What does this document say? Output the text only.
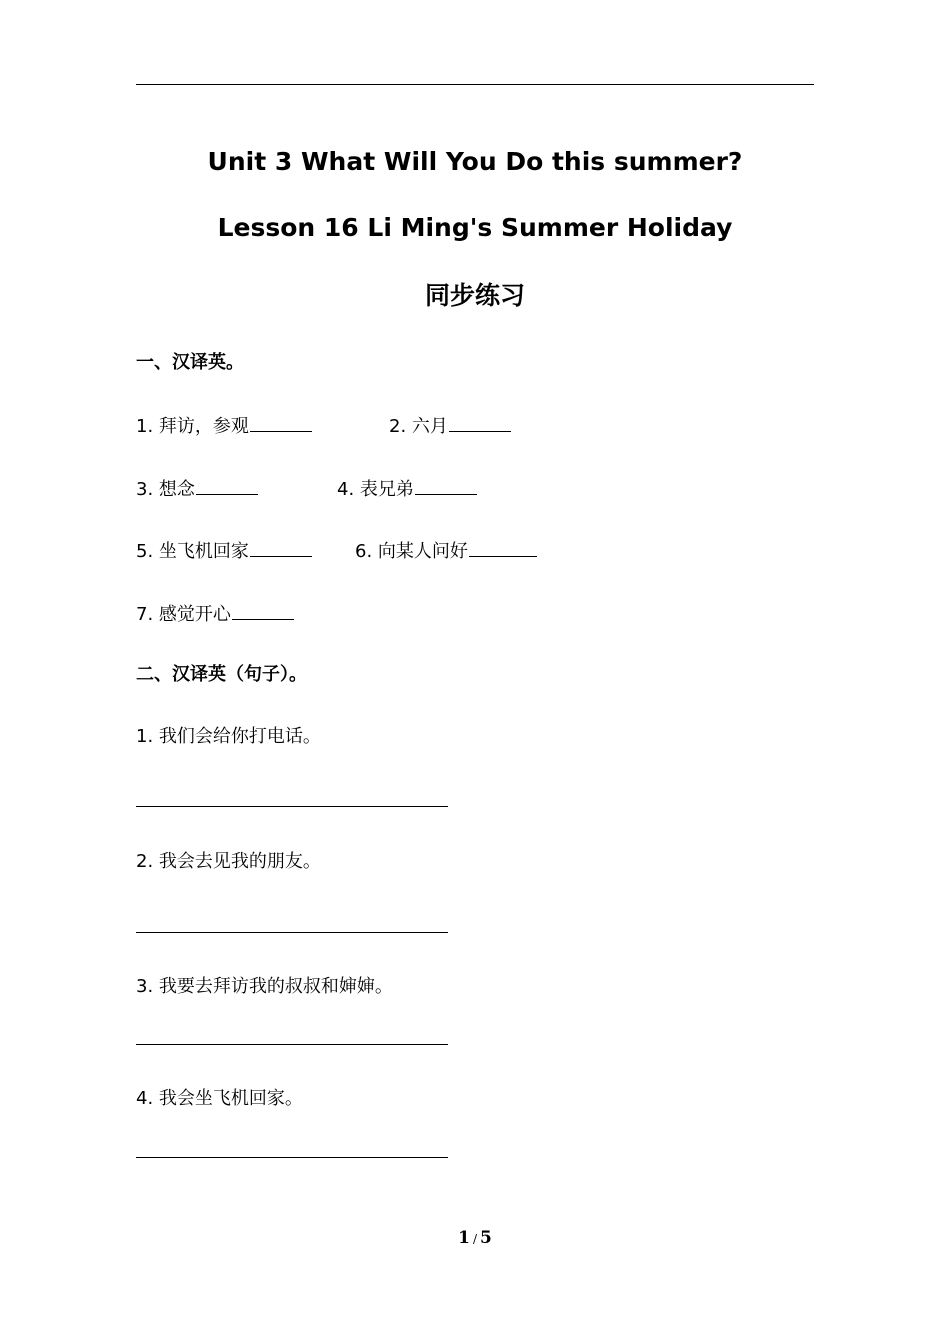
Unit 3 What Will You Do this summer?
Lesson 16 Li Ming's Summer Holiday
同步练习
一、汉译英。
1. 拜访，参观	2. 六月
3. 想念	4. 表兄弟
5. 坐飞机回家	6. 向某人问好
7. 感觉开心
二、汉译英（句子）。
1. 我们会给你打电话。
2. 我会去见我的朋友。
3. 我要去拜访我的叔叔和婶婶。
4. 我会坐飞机回家。
1 / 5
